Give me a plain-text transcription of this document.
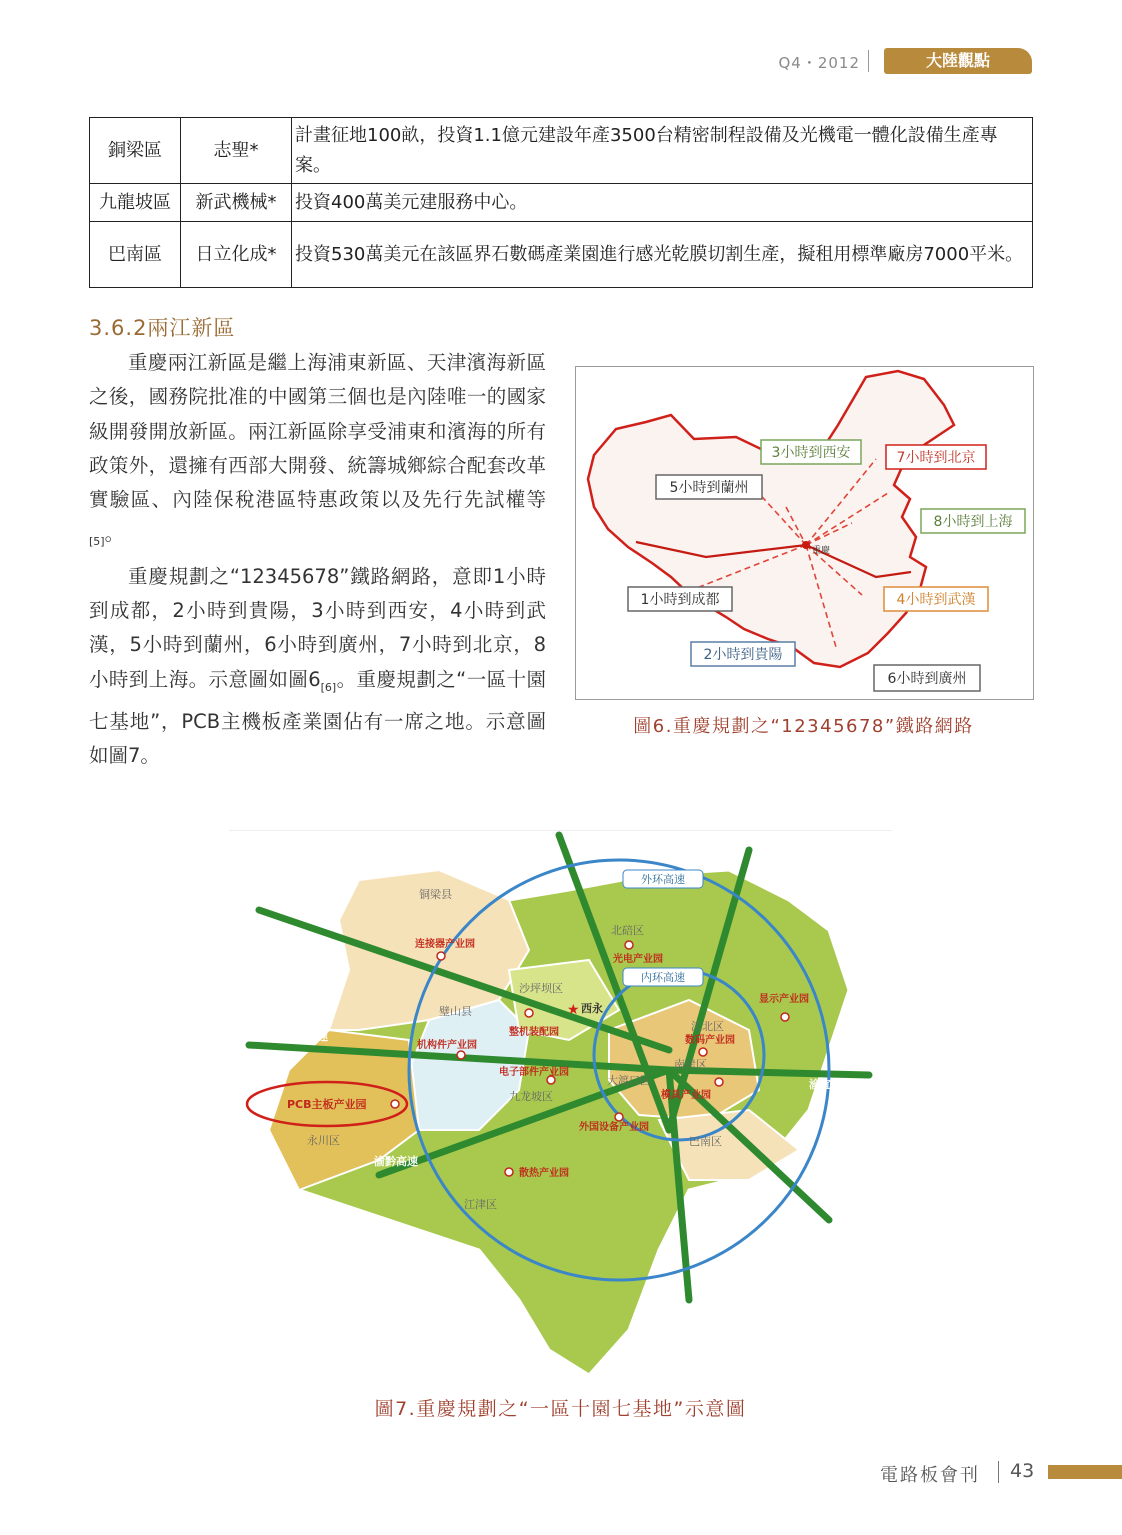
Q4・2012	大陸觀點
銅梁區	志聖*	計畫征地100畝，投資1.1億元建設年產3500台精密制程設備及光機電一體化設備生產專案。
九龍坡區	新武機械*	投資400萬美元建服務中心。
巴南區	日立化成*	投資530萬美元在該區界石數碼產業園進行感光乾膜切割生產，擬租用標準廠房7000平米。
3.6.2兩江新區

重慶兩江新區是繼上海浦東新區、天津濱海新區之後，國務院批准的中國第三個也是內陸唯一的國家級開發開放新區。兩江新區除享受浦東和濱海的所有政策外，還擁有西部大開發、統籌城鄉綜合配套改革實驗區、內陸保稅港區特惠政策以及先行先試權等$_{[5]}$。

重慶規劃之“12345678”鐵路網路，意即1小時到成都，2小時到貴陽，3小時到西安，4小時到武漢，5小時到蘭州，6小時到廣州，7小時到北京，8小時到上海。示意圖如圖$6_{[6]}$。重慶規劃之“一區十園七基地”，PCB主機板產業園佔有一席之地。示意圖如圖7。

重慶
3小時到西安	7小時到北京
5小時到蘭州
8小時到上海
1小時到成都	4小時到武漢
2小時到貴陽
6小時到廣州
圖6.重慶規劃之“12345678”鐵路網路
外环高速
内环高速
成渝高速
渝宜高速
渝黔高速
铜梁县
璧山县
沙坪坝区
北碚区
江北区
南岸区
大渡口区
九龙坡区
永川区
江津区
巴南区
连接器产业园
光电产业园
整机装配园
机构件产业园
电子部件产业园
PCB主板产业园
外国设备产业园
模具产业园
数码产业园
散热产业园
显示产业园
★ 西永
圖7.重慶規劃之“一區十園七基地”示意圖
電路板會刊 43
